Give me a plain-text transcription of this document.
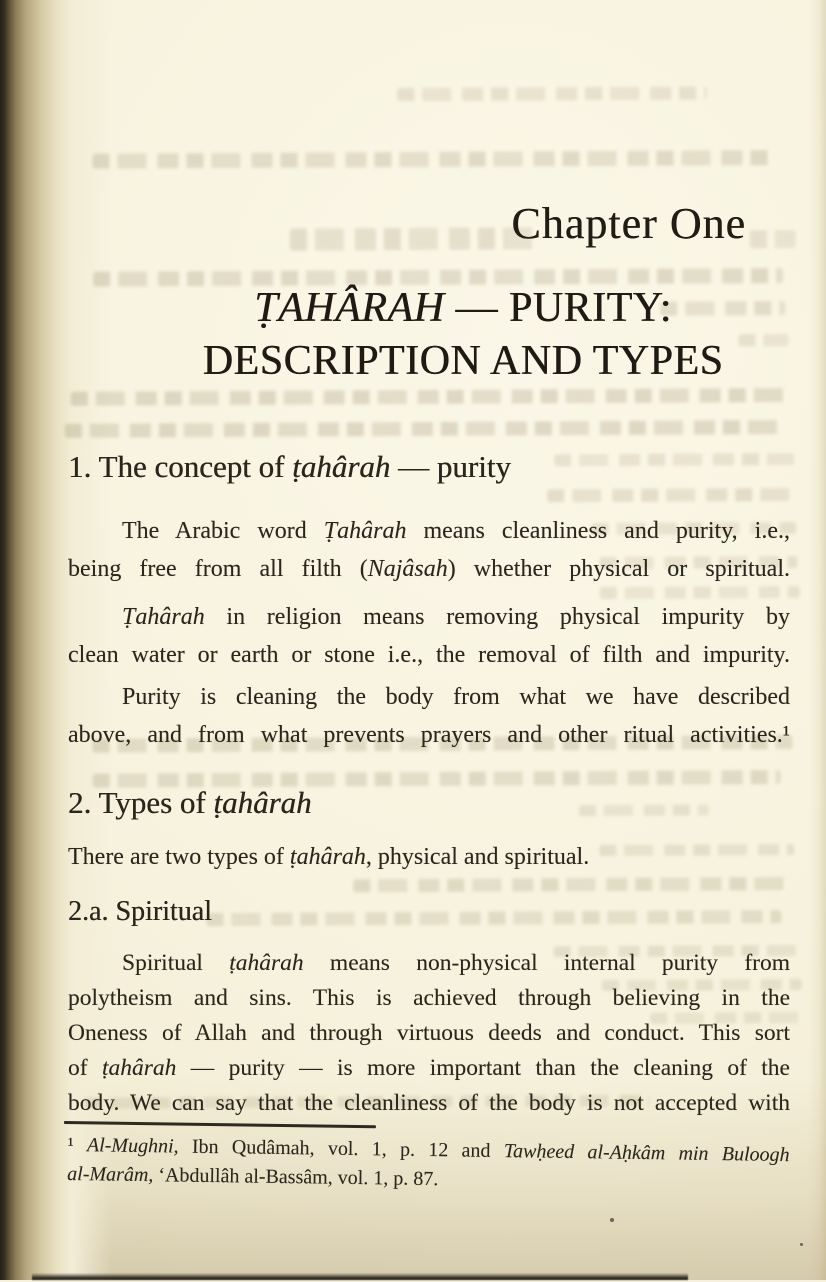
Chapter One
ṬAHÂRAH — PURITY:
DESCRIPTION AND TYPES
1. The concept of ṭahârah — purity
The Arabic word Ṭahârah means cleanliness and purity, i.e.,
being free from all filth (Najâsah) whether physical or spiritual.
Ṭahârah in religion means removing physical impurity by
clean water or earth or stone i.e., the removal of filth and impurity.
Purity is cleaning the body from what we have described
above, and from what prevents prayers and other ritual activities.¹
2. Types of ṭahârah
There are two types of ṭahârah, physical and spiritual.
2.a. Spiritual
Spiritual ṭahârah means non-physical internal purity from
polytheism and sins. This is achieved through believing in the
Oneness of Allah and through virtuous deeds and conduct. This sort
of ṭahârah — purity — is more important than the cleaning of the
body. We can say that the cleanliness of the body is not accepted with
¹ Al-Mughni, Ibn Qudâmah, vol. 1, p. 12 and Tawḥeed al-Aḥkâm min Buloogh
al-Marâm, ‘Abdullâh al-Bassâm, vol. 1, p. 87.
